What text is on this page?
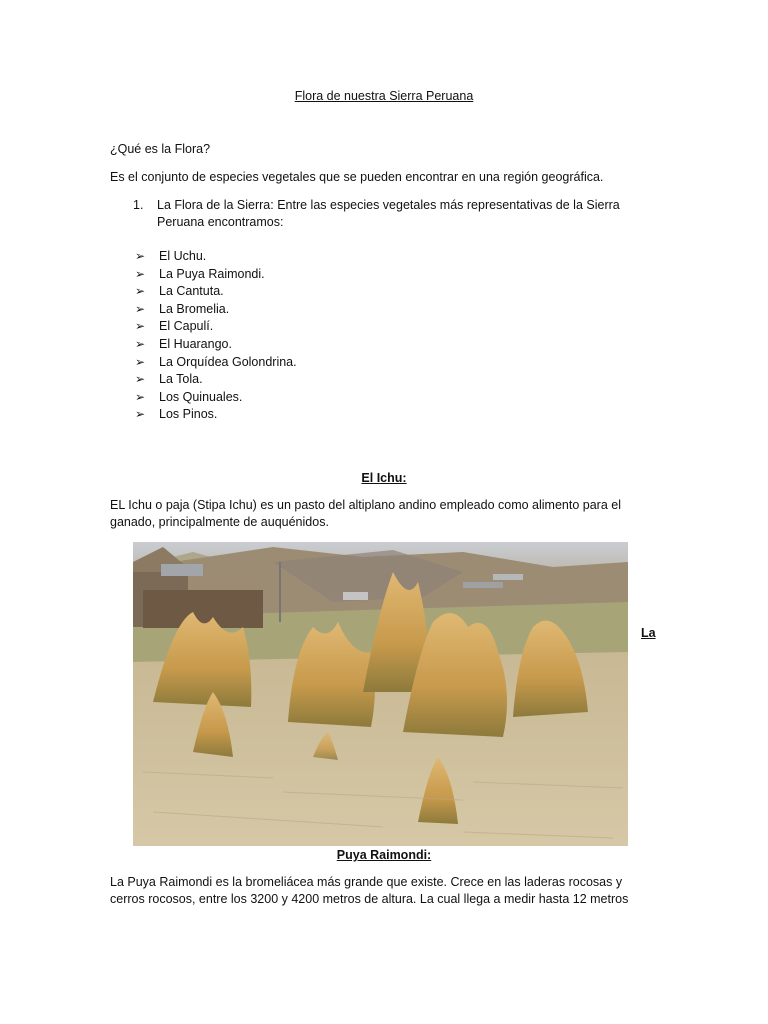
Flora de nuestra Sierra Peruana
¿Qué es la Flora?
Es el conjunto de especies vegetales que se pueden encontrar en una región geográfica.
1. La Flora de la Sierra: Entre las especies vegetales más representativas de la Sierra Peruana encontramos:
➢ El Uchu.
➢ La Puya Raimondi.
➢ La Cantuta.
➢ La Bromelia.
➢ El Capulí.
➢ El Huarango.
➢ La Orquídea Golondrina.
➢ La Tola.
➢ Los Quinuales.
➢ Los Pinos.
El Ichu:
EL Ichu o paja (Stipa Ichu) es un pasto del altiplano andino empleado como alimento para el ganado, principalmente de auquénidos.
La
Puya Raimondi:
La Puya Raimondi es la bromeliácea más grande que existe. Crece en las laderas rocosas y cerros rocosos, entre los 3200 y 4200 metros de altura. La cual llega a medir hasta 12 metros
